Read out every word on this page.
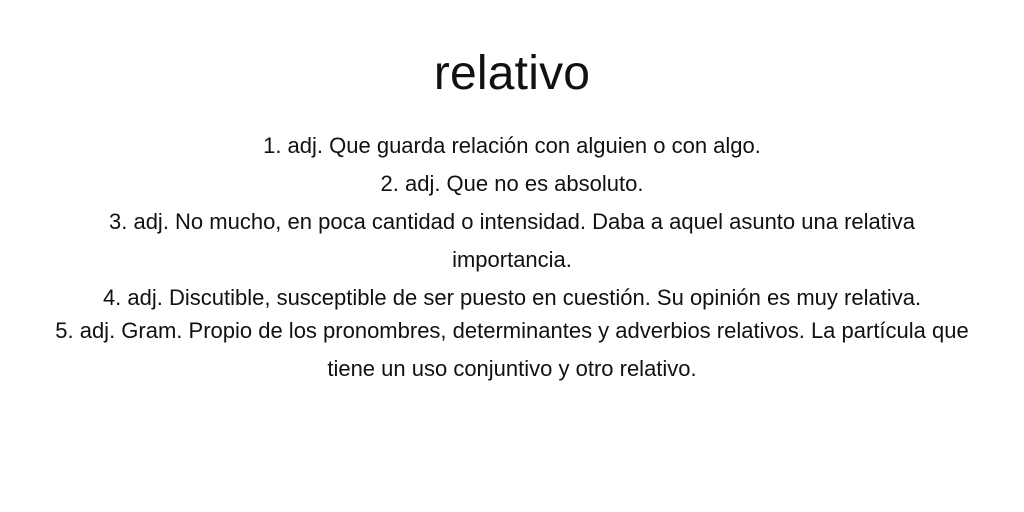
relativo
1. adj. Que guarda relación con alguien o con algo.
2. adj. Que no es absoluto.
3. adj. No mucho, en poca cantidad o intensidad. Daba a aquel asunto una relativa importancia.
4. adj. Discutible, susceptible de ser puesto en cuestión. Su opinión es muy relativa.
5. adj. Gram. Propio de los pronombres, determinantes y adverbios relativos. La partícula que tiene un uso conjuntivo y otro relativo.
